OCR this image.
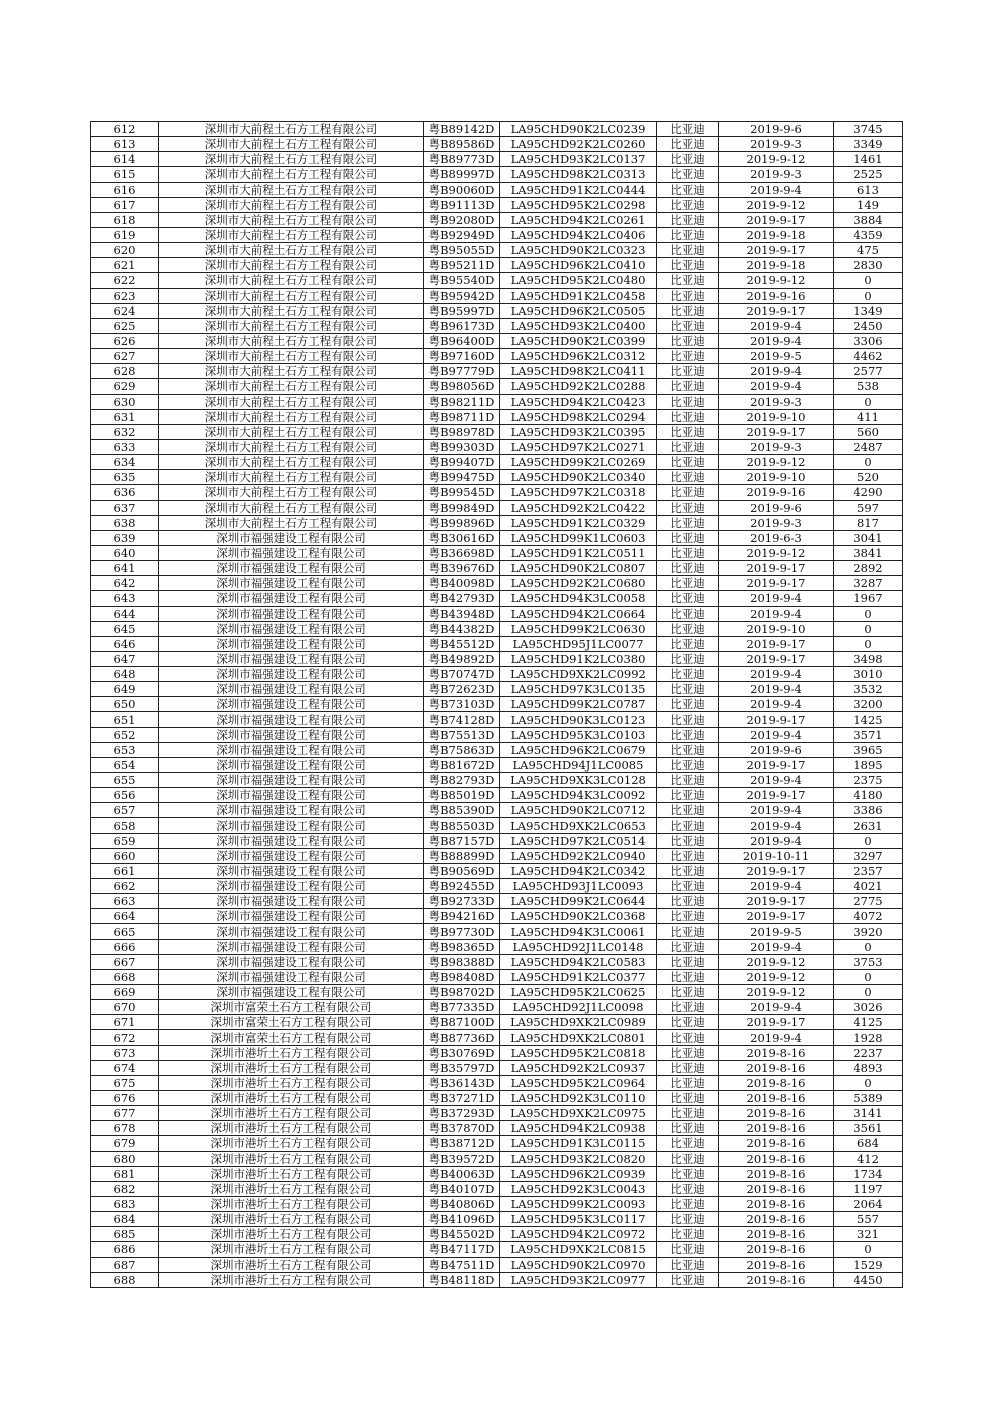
612	深圳市大前程土石方工程有限公司	粤B89142D	LA95CHD90K2LC0239	比亚迪	2019-9-6	3745
613	深圳市大前程土石方工程有限公司	粤B89586D	LA95CHD92K2LC0260	比亚迪	2019-9-3	3349
614	深圳市大前程土石方工程有限公司	粤B89773D	LA95CHD93K2LC0137	比亚迪	2019-9-12	1461
615	深圳市大前程土石方工程有限公司	粤B89997D	LA95CHD98K2LC0313	比亚迪	2019-9-3	2525
616	深圳市大前程土石方工程有限公司	粤B90060D	LA95CHD91K2LC0444	比亚迪	2019-9-4	613
617	深圳市大前程土石方工程有限公司	粤B91113D	LA95CHD95K2LC0298	比亚迪	2019-9-12	149
618	深圳市大前程土石方工程有限公司	粤B92080D	LA95CHD94K2LC0261	比亚迪	2019-9-17	3884
619	深圳市大前程土石方工程有限公司	粤B92949D	LA95CHD94K2LC0406	比亚迪	2019-9-18	4359
620	深圳市大前程土石方工程有限公司	粤B95055D	LA95CHD90K2LC0323	比亚迪	2019-9-17	475
621	深圳市大前程土石方工程有限公司	粤B95211D	LA95CHD96K2LC0410	比亚迪	2019-9-18	2830
622	深圳市大前程土石方工程有限公司	粤B95540D	LA95CHD95K2LC0480	比亚迪	2019-9-12	0
623	深圳市大前程土石方工程有限公司	粤B95942D	LA95CHD91K2LC0458	比亚迪	2019-9-16	0
624	深圳市大前程土石方工程有限公司	粤B95997D	LA95CHD96K2LC0505	比亚迪	2019-9-17	1349
625	深圳市大前程土石方工程有限公司	粤B96173D	LA95CHD93K2LC0400	比亚迪	2019-9-4	2450
626	深圳市大前程土石方工程有限公司	粤B96400D	LA95CHD90K2LC0399	比亚迪	2019-9-4	3306
627	深圳市大前程土石方工程有限公司	粤B97160D	LA95CHD96K2LC0312	比亚迪	2019-9-5	4462
628	深圳市大前程土石方工程有限公司	粤B97779D	LA95CHD98K2LC0411	比亚迪	2019-9-4	2577
629	深圳市大前程土石方工程有限公司	粤B98056D	LA95CHD92K2LC0288	比亚迪	2019-9-4	538
630	深圳市大前程土石方工程有限公司	粤B98211D	LA95CHD94K2LC0423	比亚迪	2019-9-3	0
631	深圳市大前程土石方工程有限公司	粤B98711D	LA95CHD98K2LC0294	比亚迪	2019-9-10	411
632	深圳市大前程土石方工程有限公司	粤B98978D	LA95CHD93K2LC0395	比亚迪	2019-9-17	560
633	深圳市大前程土石方工程有限公司	粤B99303D	LA95CHD97K2LC0271	比亚迪	2019-9-3	2487
634	深圳市大前程土石方工程有限公司	粤B99407D	LA95CHD99K2LC0269	比亚迪	2019-9-12	0
635	深圳市大前程土石方工程有限公司	粤B99475D	LA95CHD90K2LC0340	比亚迪	2019-9-10	520
636	深圳市大前程土石方工程有限公司	粤B99545D	LA95CHD97K2LC0318	比亚迪	2019-9-16	4290
637	深圳市大前程土石方工程有限公司	粤B99849D	LA95CHD92K2LC0422	比亚迪	2019-9-6	597
638	深圳市大前程土石方工程有限公司	粤B99896D	LA95CHD91K2LC0329	比亚迪	2019-9-3	817
639	深圳市福强建设工程有限公司	粤B30616D	LA95CHD99K1LC0603	比亚迪	2019-6-3	3041
640	深圳市福强建设工程有限公司	粤B36698D	LA95CHD91K2LC0511	比亚迪	2019-9-12	3841
641	深圳市福强建设工程有限公司	粤B39676D	LA95CHD90K2LC0807	比亚迪	2019-9-17	2892
642	深圳市福强建设工程有限公司	粤B40098D	LA95CHD92K2LC0680	比亚迪	2019-9-17	3287
643	深圳市福强建设工程有限公司	粤B42793D	LA95CHD94K3LC0058	比亚迪	2019-9-4	1967
644	深圳市福强建设工程有限公司	粤B43948D	LA95CHD94K2LC0664	比亚迪	2019-9-4	0
645	深圳市福强建设工程有限公司	粤B44382D	LA95CHD99K2LC0630	比亚迪	2019-9-10	0
646	深圳市福强建设工程有限公司	粤B45512D	LA95CHD95J1LC0077	比亚迪	2019-9-17	0
647	深圳市福强建设工程有限公司	粤B49892D	LA95CHD91K2LC0380	比亚迪	2019-9-17	3498
648	深圳市福强建设工程有限公司	粤B70747D	LA95CHD9XK2LC0992	比亚迪	2019-9-4	3010
649	深圳市福强建设工程有限公司	粤B72623D	LA95CHD97K3LC0135	比亚迪	2019-9-4	3532
650	深圳市福强建设工程有限公司	粤B73103D	LA95CHD99K2LC0787	比亚迪	2019-9-4	3200
651	深圳市福强建设工程有限公司	粤B74128D	LA95CHD90K3LC0123	比亚迪	2019-9-17	1425
652	深圳市福强建设工程有限公司	粤B75513D	LA95CHD95K3LC0103	比亚迪	2019-9-4	3571
653	深圳市福强建设工程有限公司	粤B75863D	LA95CHD96K2LC0679	比亚迪	2019-9-6	3965
654	深圳市福强建设工程有限公司	粤B81672D	LA95CHD94J1LC0085	比亚迪	2019-9-17	1895
655	深圳市福强建设工程有限公司	粤B82793D	LA95CHD9XK3LC0128	比亚迪	2019-9-4	2375
656	深圳市福强建设工程有限公司	粤B85019D	LA95CHD94K3LC0092	比亚迪	2019-9-17	4180
657	深圳市福强建设工程有限公司	粤B85390D	LA95CHD90K2LC0712	比亚迪	2019-9-4	3386
658	深圳市福强建设工程有限公司	粤B85503D	LA95CHD9XK2LC0653	比亚迪	2019-9-4	2631
659	深圳市福强建设工程有限公司	粤B87157D	LA95CHD97K2LC0514	比亚迪	2019-9-4	0
660	深圳市福强建设工程有限公司	粤B88899D	LA95CHD92K2LC0940	比亚迪	2019-10-11	3297
661	深圳市福强建设工程有限公司	粤B90569D	LA95CHD94K2LC0342	比亚迪	2019-9-17	2357
662	深圳市福强建设工程有限公司	粤B92455D	LA95CHD93J1LC0093	比亚迪	2019-9-4	4021
663	深圳市福强建设工程有限公司	粤B92733D	LA95CHD99K2LC0644	比亚迪	2019-9-17	2775
664	深圳市福强建设工程有限公司	粤B94216D	LA95CHD90K2LC0368	比亚迪	2019-9-17	4072
665	深圳市福强建设工程有限公司	粤B97730D	LA95CHD94K3LC0061	比亚迪	2019-9-5	3920
666	深圳市福强建设工程有限公司	粤B98365D	LA95CHD92J1LC0148	比亚迪	2019-9-4	0
667	深圳市福强建设工程有限公司	粤B98388D	LA95CHD94K2LC0583	比亚迪	2019-9-12	3753
668	深圳市福强建设工程有限公司	粤B98408D	LA95CHD91K2LC0377	比亚迪	2019-9-12	0
669	深圳市福强建设工程有限公司	粤B98702D	LA95CHD95K2LC0625	比亚迪	2019-9-12	0
670	深圳市富荣土石方工程有限公司	粤B77335D	LA95CHD92J1LC0098	比亚迪	2019-9-4	3026
671	深圳市富荣土石方工程有限公司	粤B87100D	LA95CHD9XK2LC0989	比亚迪	2019-9-17	4125
672	深圳市富荣土石方工程有限公司	粤B87736D	LA95CHD9XK2LC0801	比亚迪	2019-9-4	1928
673	深圳市港圻土石方工程有限公司	粤B30769D	LA95CHD95K2LC0818	比亚迪	2019-8-16	2237
674	深圳市港圻土石方工程有限公司	粤B35797D	LA95CHD92K2LC0937	比亚迪	2019-8-16	4893
675	深圳市港圻土石方工程有限公司	粤B36143D	LA95CHD95K2LC0964	比亚迪	2019-8-16	0
676	深圳市港圻土石方工程有限公司	粤B37271D	LA95CHD92K3LC0110	比亚迪	2019-8-16	5389
677	深圳市港圻土石方工程有限公司	粤B37293D	LA95CHD9XK2LC0975	比亚迪	2019-8-16	3141
678	深圳市港圻土石方工程有限公司	粤B37870D	LA95CHD94K2LC0938	比亚迪	2019-8-16	3561
679	深圳市港圻土石方工程有限公司	粤B38712D	LA95CHD91K3LC0115	比亚迪	2019-8-16	684
680	深圳市港圻土石方工程有限公司	粤B39572D	LA95CHD93K2LC0820	比亚迪	2019-8-16	412
681	深圳市港圻土石方工程有限公司	粤B40063D	LA95CHD96K2LC0939	比亚迪	2019-8-16	1734
682	深圳市港圻土石方工程有限公司	粤B40107D	LA95CHD92K3LC0043	比亚迪	2019-8-16	1197
683	深圳市港圻土石方工程有限公司	粤B40806D	LA95CHD99K2LC0093	比亚迪	2019-8-16	2064
684	深圳市港圻土石方工程有限公司	粤B41096D	LA95CHD95K3LC0117	比亚迪	2019-8-16	557
685	深圳市港圻土石方工程有限公司	粤B45502D	LA95CHD94K2LC0972	比亚迪	2019-8-16	321
686	深圳市港圻土石方工程有限公司	粤B47117D	LA95CHD9XK2LC0815	比亚迪	2019-8-16	0
687	深圳市港圻土石方工程有限公司	粤B47511D	LA95CHD90K2LC0970	比亚迪	2019-8-16	1529
688	深圳市港圻土石方工程有限公司	粤B48118D	LA95CHD93K2LC0977	比亚迪	2019-8-16	4450
